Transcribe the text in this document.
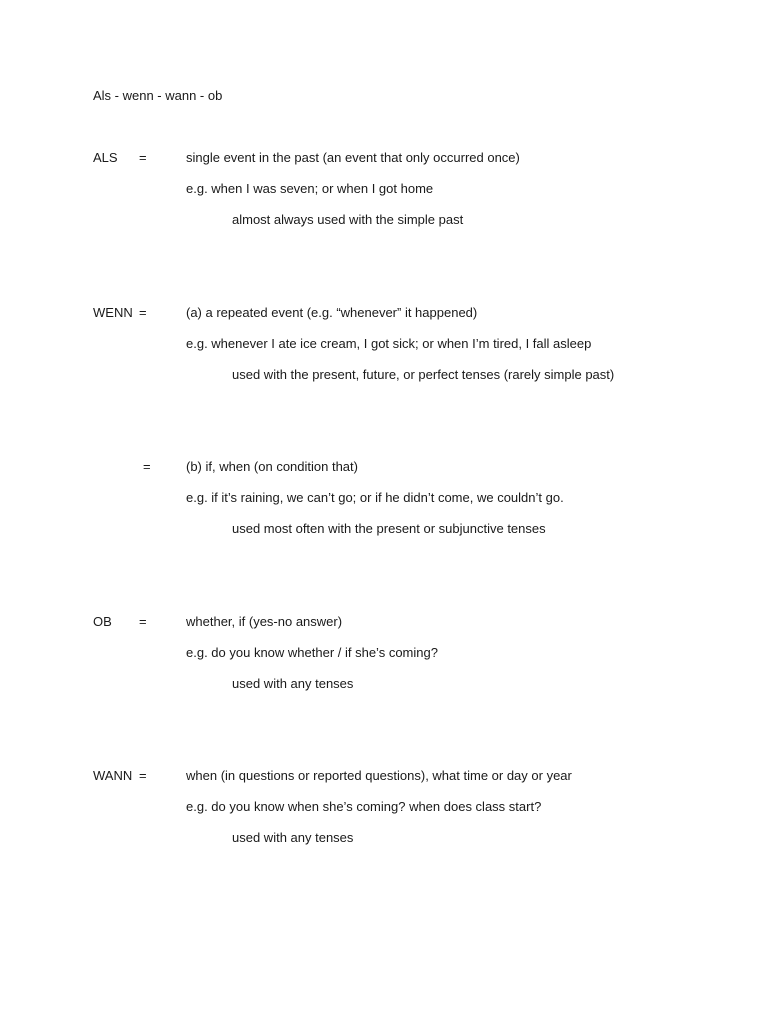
Als - wenn - wann - ob
ALS =	single event in the past (an event that only occurred once)
e.g. when I was seven; or when I got home
almost always used with the simple past
WENN =	(a) a repeated event (e.g. “whenever” it happened)
e.g. whenever I ate ice cream, I got sick; or when I’m tired, I fall asleep
used with the present, future, or perfect tenses (rarely simple past)
=	(b) if, when (on condition that)
e.g. if it’s raining, we can’t go; or if he didn’t come, we couldn’t go.
used most often with the present or subjunctive tenses
OB =	whether, if (yes-no answer)
e.g. do you know whether / if she’s coming?
used with any tenses
WANN =	when (in questions or reported questions), what time or day or year
e.g. do you know when she’s coming? when does class start?
used with any tenses
